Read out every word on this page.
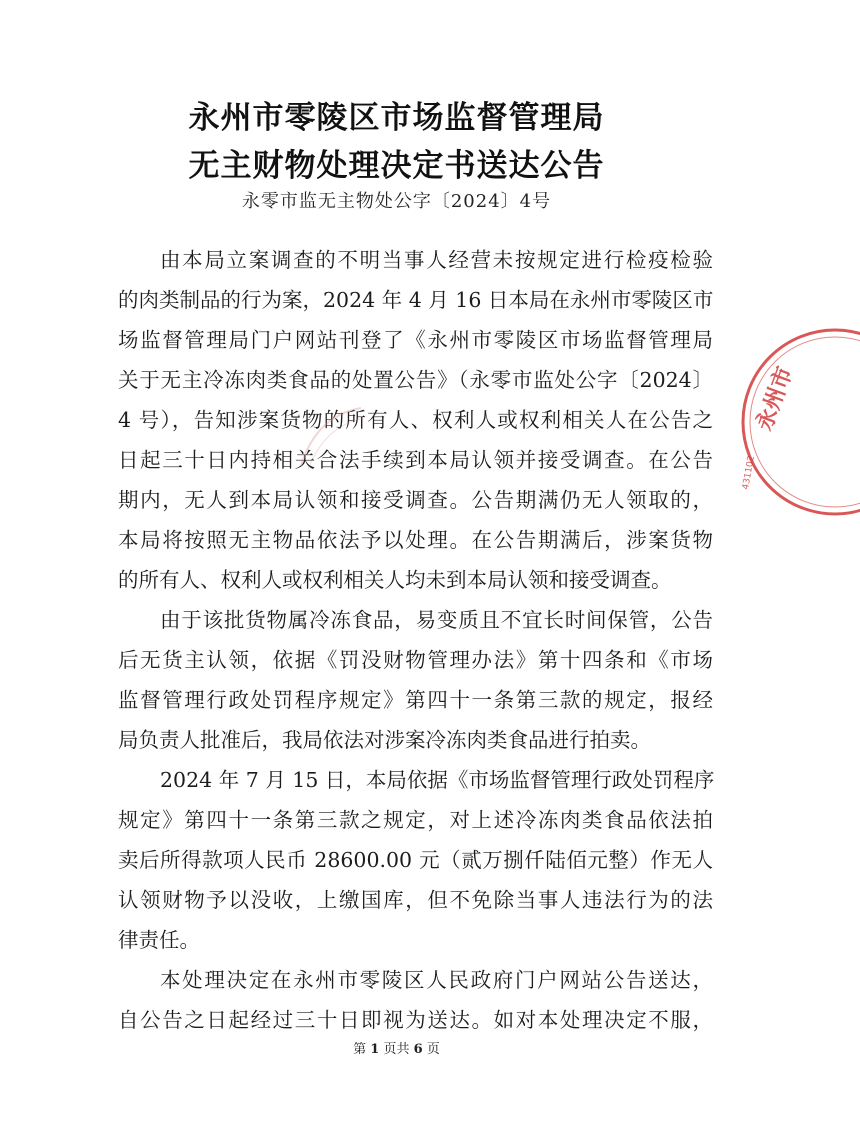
永州市零陵区市场监督管理局
无主财物处理决定书送达公告
永零市监无主物处公字〔2024〕4号
由本局立案调查的不明当事人经营未按规定进行检疫检验
的肉类制品的行为案，2024 年 4 月 16 日本局在永州市零陵区市
场监督管理局门户网站刊登了《永州市零陵区市场监督管理局
关于无主冷冻肉类食品的处置公告》（永零市监处公字〔2024〕
4 号），告知涉案货物的所有人、权利人或权利相关人在公告之
日起三十日内持相关合法手续到本局认领并接受调查。在公告
期内，无人到本局认领和接受调查。公告期满仍无人领取的，
本局将按照无主物品依法予以处理。在公告期满后，涉案货物
的所有人、权利人或权利相关人均未到本局认领和接受调查。
由于该批货物属冷冻食品，易变质且不宜长时间保管，公告
后无货主认领，依据《罚没财物管理办法》第十四条和《市场
监督管理行政处罚程序规定》第四十一条第三款的规定，报经
局负责人批准后，我局依法对涉案冷冻肉类食品进行拍卖。
2024 年 7 月 15 日，本局依据《市场监督管理行政处罚程序
规定》第四十一条第三款之规定，对上述冷冻肉类食品依法拍
卖后所得款项人民币 28600.00 元（贰万捌仟陆佰元整）作无人
认领财物予以没收，上缴国库，但不免除当事人违法行为的法
律责任。
本处理决定在永州市零陵区人民政府门户网站公告送达，
自公告之日起经过三十日即视为送达。如对本处理决定不服，
第 1 页共 6 页
永州市
431102
